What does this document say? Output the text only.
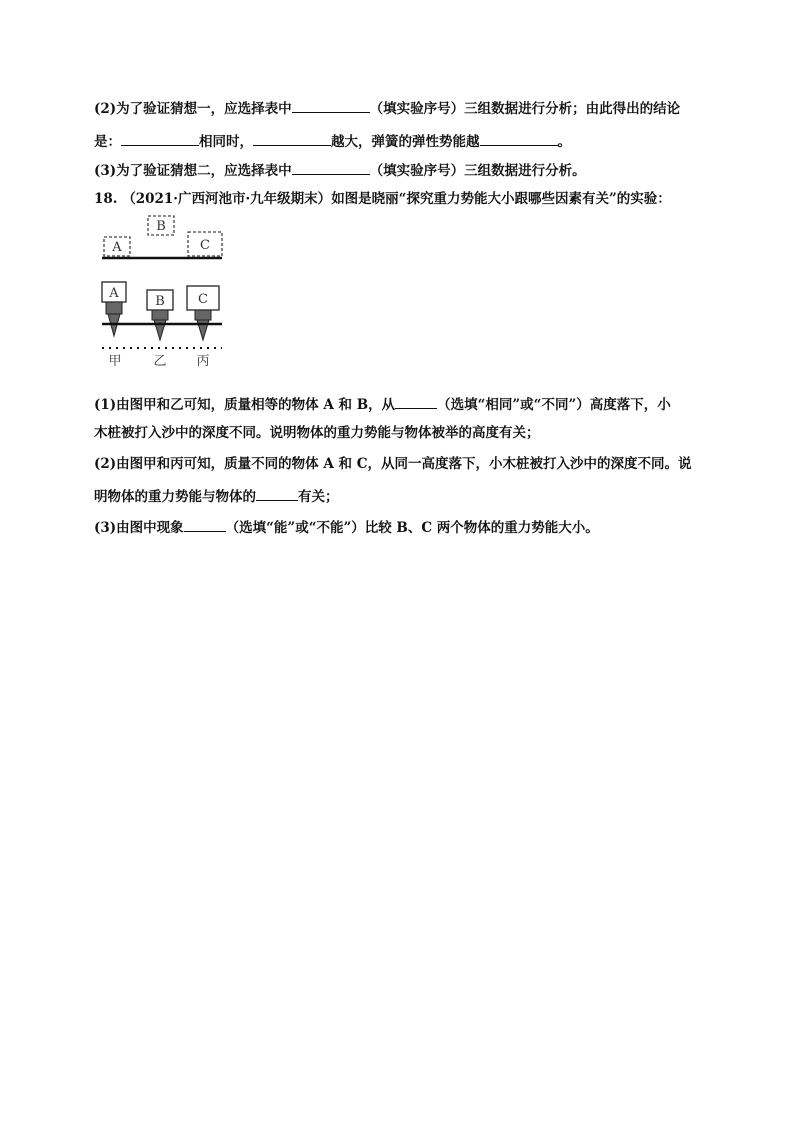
(2)为了验证猜想一，应选择表中	（填实验序号）三组数据进行分析；由此得出的结论
是：	相同时，	越大，弹簧的弹性势能越	。
(3)为了验证猜想二，应选择表中	（填实验序号）三组数据进行分析。
18. （2021·广西河池市·九年级期末）如图是晓丽“探究重力势能大小跟哪些因素有关”的实验：
A
B
C
A
B	C
甲 乙 丙
(1)由图甲和乙可知，质量相等的物体 A 和 B，从	（选填“相同”或“不同”）高度落下，小
木桩被打入沙中的深度不同。说明物体的重力势能与物体被举的高度有关；
(2)由图甲和丙可知，质量不同的物体 A 和 C，从同一高度落下，小木桩被打入沙中的深度不同。说
明物体的重力势能与物体的	有关；
(3)由图中现象	（选填“能”或“不能”）比较 B、C 两个物体的重力势能大小。
